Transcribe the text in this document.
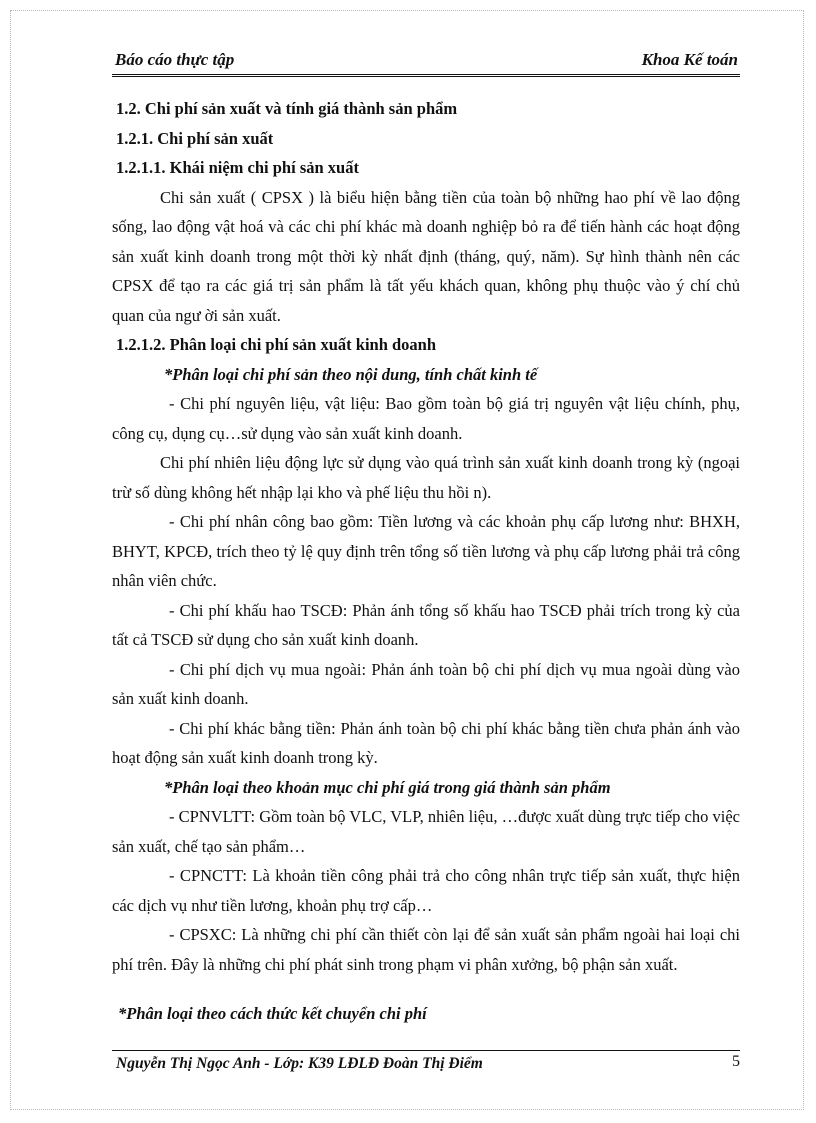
Báo cáo thực tập	Khoa Kế toán

1.2. Chi phí sản xuất và tính giá thành sản phẩm

1.2.1. Chi phí sản xuất

1.2.1.1. Khái niệm chi phí sản xuất

Chi sản xuất ( CPSX ) là biểu hiện bằng tiền của toàn bộ những hao phí về lao động sống, lao động vật hoá và các chi phí khác mà doanh nghiệp bỏ ra để tiến hành các hoạt động sản xuất kinh doanh trong một thời kỳ nhất định (tháng, quý, năm). Sự hình thành nên các CPSX để tạo ra các giá trị sản phẩm là tất yếu khách quan, không phụ thuộc vào ý chí chủ quan của ngư ời sản xuất.

1.2.1.2. Phân loại chi phí sản xuất kinh doanh

*Phân loại chi phí sản theo nội dung, tính chất kinh tế

- Chi phí nguyên liệu, vật liệu: Bao gồm toàn bộ giá trị nguyên vật liệu chính, phụ, công cụ, dụng cụ…sử dụng vào sản xuất kinh doanh.

Chi phí nhiên liệu động lực sử dụng vào quá trình sản xuất kinh doanh trong kỳ (ngoại trừ số dùng không hết nhập lại kho và phế liệu thu hồi n).

- Chi phí nhân công bao gồm: Tiền lương và các khoản phụ cấp lương như: BHXH, BHYT, KPCĐ, trích theo tỷ lệ quy định trên tổng số tiền lương và phụ cấp lương phải trả công nhân viên chức.

- Chi phí khấu hao TSCĐ: Phản ánh tổng số khấu hao TSCĐ phải trích trong kỳ của tất cả TSCĐ sử dụng cho sản xuất kinh doanh.

- Chi phí dịch vụ mua ngoài: Phản ánh toàn bộ chi phí dịch vụ mua ngoài dùng vào sản xuất kinh doanh.

- Chi phí khác bằng tiền: Phản ánh toàn bộ chi phí khác bằng tiền chưa phản ánh vào hoạt động sản xuất kinh doanh trong kỳ.

*Phân loại theo khoản mục chi phí giá trong giá thành sản phẩm

- CPNVLTT: Gồm toàn bộ VLC, VLP, nhiên liệu, …được xuất dùng trực tiếp cho việc sản xuất, chế tạo sản phẩm…

- CPNCTT: Là khoản tiền công phải trả cho công nhân trực tiếp sản xuất, thực hiện các dịch vụ như tiền lương, khoản phụ trợ cấp…

- CPSXC: Là những chi phí cần thiết còn lại để sản xuất sản phẩm ngoài hai loại chi phí trên. Đây là những chi phí phát sinh trong phạm vi phân xưởng, bộ phận sản xuất.

*Phân loại theo cách thức kết chuyển chi phí

Nguyễn Thị Ngọc Anh - Lớp: K39 LĐLĐ Đoàn Thị Điểm	5
